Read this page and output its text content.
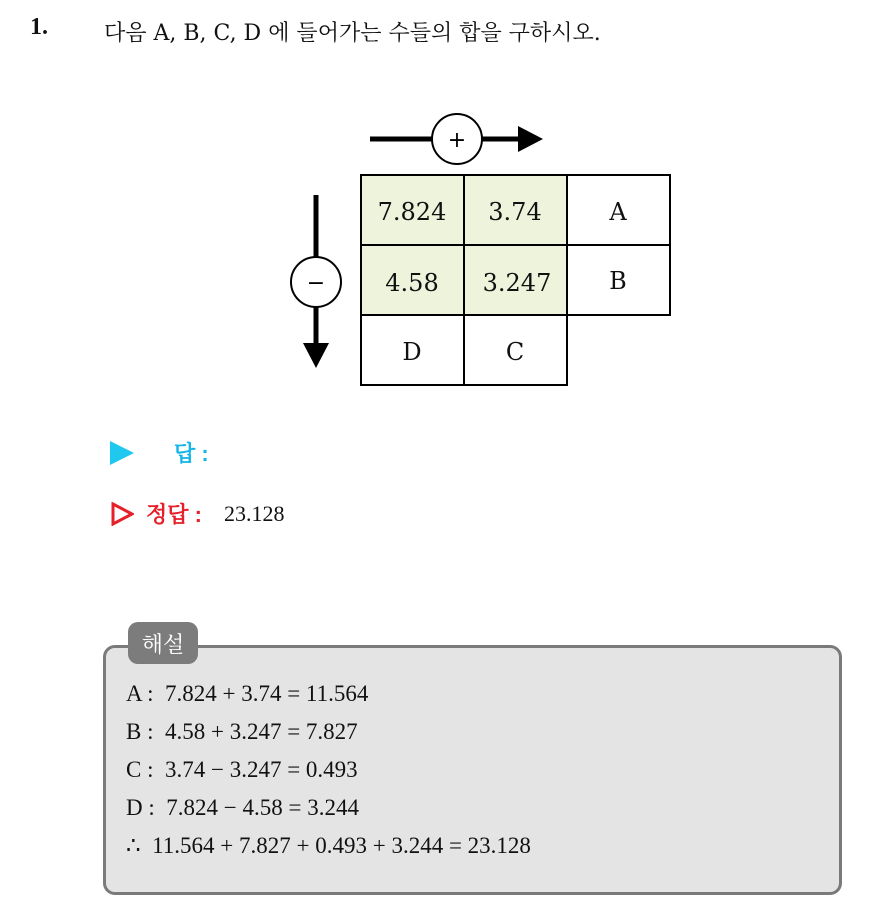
1.	다음 A, B, C, D 에 들어가는 수들의 합을 구하시오.
+
−
7.824 3.74	A
4.58 3.247 B
D	C
답 :
정답 : 23.128
해설
A :  7.824 + 3.74 = 11.564
B :  4.58 + 3.247 = 7.827
C :  3.74 − 3.247 = 0.493
D :  7.824 − 4.58 = 3.244
∴  11.564 + 7.827 + 0.493 + 3.244 = 23.128
